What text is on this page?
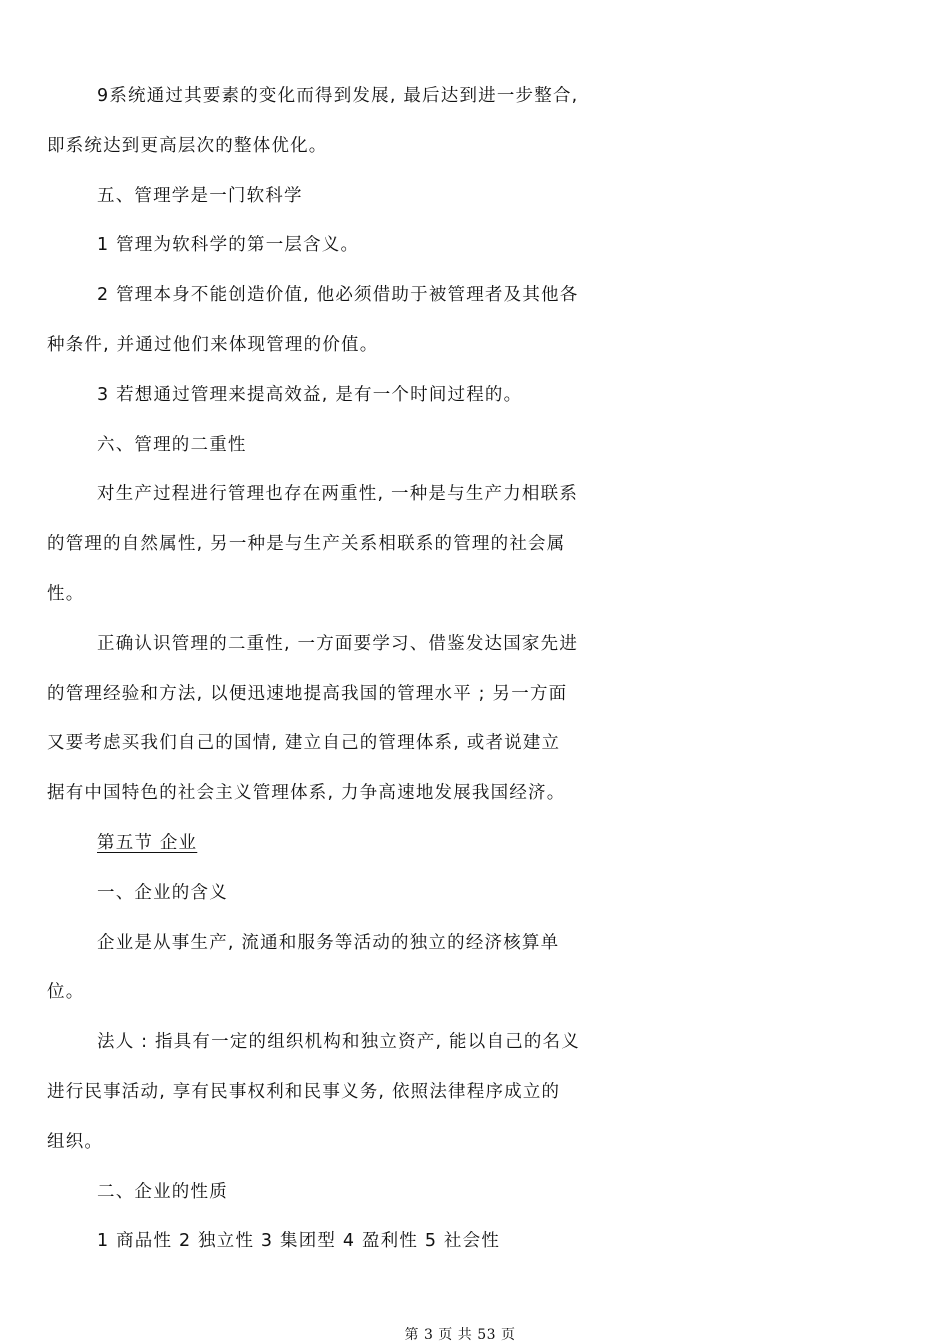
9系统通过其要素的变化而得到发展, 最后达到进一步整合,
即系统达到更高层次的整体优化。
五、管理学是一门软科学
1 管理为软科学的第一层含义。
2 管理本身不能创造价值, 他必须借助于被管理者及其他各
种条件, 并通过他们来体现管理的价值。
3 若想通过管理来提高效益, 是有一个时间过程的。
六、管理的二重性
对生产过程进行管理也存在两重性, 一种是与生产力相联系
的管理的自然属性, 另一种是与生产关系相联系的管理的社会属
性。
正确认识管理的二重性, 一方面要学习、借鉴发达国家先进
的管理经验和方法, 以便迅速地提高我国的管理水平 ; 另一方面
又要考虑买我们自己的国情, 建立自己的管理体系, 或者说建立
据有中国特色的社会主义管理体系, 力争高速地发展我国经济。
第五节 企业
一、企业的含义
企业是从事生产, 流通和服务等活动的独立的经济核算单
位。
法人 : 指具有一定的组织机构和独立资产, 能以自己的名义
进行民事活动, 享有民事权利和民事义务, 依照法律程序成立的
组织。
二、企业的性质
1 商品性 2 独立性 3 集团型 4 盈利性 5 社会性
第 3 页 共 53 页
